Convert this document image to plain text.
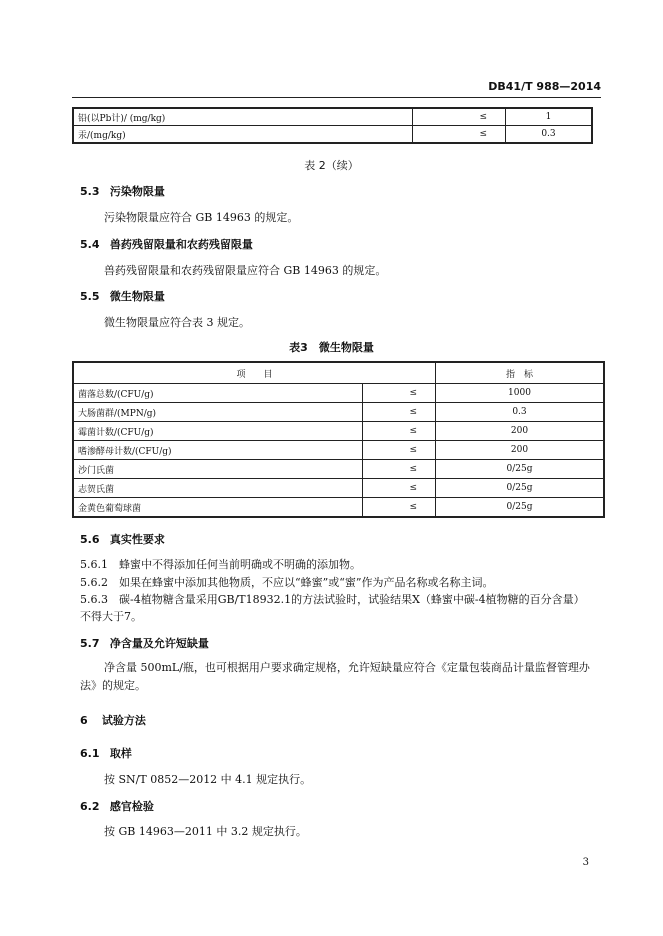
DB41/T 988—2014
铅(以Pb计)/ (mg/kg)	≤	1
汞/(mg/kg)	≤	0.3
表 2（续）
5.3 污染物限量
污染物限量应符合 GB 14963 的规定。
5.4 兽药残留限量和农药残留限量
兽药残留限量和农药残留限量应符合 GB 14963 的规定。
5.5 微生物限量
微生物限量应符合表 3 规定。
表3　微生物限量
项　　目		指　标
菌落总数/(CFU/g)	≤	1000
大肠菌群/(MPN/g)	≤	0.3
霉菌计数/(CFU/g)	≤	200
嗜渗酵母计数/(CFU/g)	≤	200
沙门氏菌	≤	0/25g
志贺氏菌	≤	0/25g
金黄色葡萄球菌	≤	0/25g
5.6 真实性要求
5.6.1　蜂蜜中不得添加任何当前明确或不明确的添加物。
5.6.2　如果在蜂蜜中添加其他物质，不应以“蜂蜜”或“蜜”作为产品名称或名称主词。
5.6.3　碳-4植物糖含量采用GB/T18932.1的方法试验时，试验结果X（蜂蜜中碳-4植物糖的百分含量）
不得大于7。
5.7 净含量及允许短缺量
净含量 500mL/瓶，也可根据用户要求确定规格，允许短缺量应符合《定量包装商品计量监督管理办法》的规定。
6 试验方法
6.1 取样
按 SN/T 0852—2012 中 4.1 规定执行。
6.2 感官检验
按 GB 14963—2011 中 3.2 规定执行。
3
